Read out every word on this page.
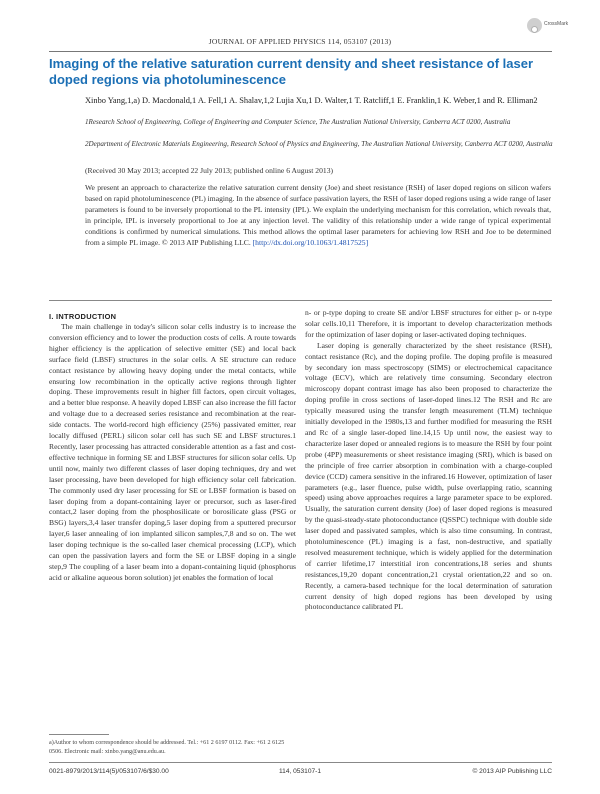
JOURNAL OF APPLIED PHYSICS 114, 053107 (2013)
CrossMark
Imaging of the relative saturation current density and sheet resistance of laser doped regions via photoluminescence
Xinbo Yang,1,a) D. Macdonald,1 A. Fell,1 A. Shalav,1,2 Lujia Xu,1 D. Walter,1 T. Ratcliff,1 E. Franklin,1 K. Weber,1 and R. Elliman2
1Research School of Engineering, College of Engineering and Computer Science, The Australian National University, Canberra ACT 0200, Australia
2Department of Electronic Materials Engineering, Research School of Physics and Engineering, The Australian National University, Canberra ACT 0200, Australia
(Received 30 May 2013; accepted 22 July 2013; published online 6 August 2013)
We present an approach to characterize the relative saturation current density (Joe) and sheet resistance (RSH) of laser doped regions on silicon wafers based on rapid photoluminescence (PL) imaging. In the absence of surface passivation layers, the RSH of laser doped regions using a wide range of laser parameters is found to be inversely proportional to the PL intensity (IPL). We explain the underlying mechanism for this correlation, which reveals that, in principle, IPL is inversely proportional to Joe at any injection level. The validity of this relationship under a wide range of typical experimental conditions is confirmed by numerical simulations. This method allows the optimal laser parameters for achieving low RSH and Joe to be determined from a simple PL image. © 2013 AIP Publishing LLC. [http://dx.doi.org/10.1063/1.4817525]
I. INTRODUCTION

The main challenge in today's silicon solar cells industry is to increase the conversion efficiency and to lower the production costs of cells. A route towards higher efficiency is the application of selective emitter (SE) and local back surface field (LBSF) structures in the solar cells. A SE structure can reduce contact resistance by allowing heavy doping under the metal contacts, while ensuring low recombination in the optically active regions through lighter doping. These improvements result in higher fill factors, open circuit voltages, and a better blue response. A heavily doped LBSF can also increase the fill factor and voltage due to a decreased series resistance and recombination at the rear-side contacts. The world-record high efficiency (25%) passivated emitter, rear locally diffused (PERL) silicon solar cell has such SE and LBSF structures.1 Recently, laser processing has attracted considerable attention as a fast and cost-effective technique in forming SE and LBSF structures for silicon solar cells. Up until now, mainly two different classes of laser doping techniques, dry and wet laser processing, have been developed for high efficiency solar cell fabrication. The commonly used dry laser processing for SE or LBSF formation is based on laser doping from a dopant-containing layer or precursor, such as laser-fired contact,2 laser doping from the phosphosilicate or borosilicate glass (PSG or BSG) layers,3,4 laser transfer doping,5 laser doping from a sputtered precursor layer,6 laser annealing of ion implanted silicon samples,7,8 and so on. The wet laser doping technique is the so-called laser chemical processing (LCP), which can open the passivation layers and form the SE or LBSF doping in a single step,9 The coupling of a laser beam into a dopant-containing liquid (phosphorus acid or alkaline aqueous boron solution) jet enables the formation of local

n- or p-type doping to create SE and/or LBSF structures for either p- or n-type solar cells.10,11 Therefore, it is important to develop characterization methods for the optimization of laser doping or laser-activated doping techniques.

Laser doping is generally characterized by the sheet resistance (RSH), contact resistance (Rc), and the doping profile. The doping profile is measured by secondary ion mass spectroscopy (SIMS) or electrochemical capacitance voltage (ECV), which are relatively time consuming. Secondary electron microscopy dopant contrast image has also been proposed to characterize the doping profile in cross sections of laser-doped lines.12 The RSH and Rc are typically measured using the transfer length measurement (TLM) technique initially developed in the 1980s,13 and further modified for measuring the RSH and Rc of a single laser-doped line.14,15 Up until now, the easiest way to characterize laser doped or annealed regions is to measure the RSH by four point probe (4PP) measurements or sheet resistance imaging (SRI), which is based on the principle of free carrier absorption in combination with a charge-coupled device (CCD) camera sensitive in the infrared.16 However, optimization of laser parameters (e.g., laser fluence, pulse width, pulse overlapping ratio, scanning speed) using above approaches requires a large parameter space to be explored. Usually, the saturation current density (Joe) of laser doped regions is measured by the quasi-steady-state photoconductance (QSSPC) technique with double side laser doped and passivated samples, which is also time consuming. In contrast, photoluminescence (PL) imaging is a fast, non-destructive, and spatially resolved measurement technique, which is widely applied for the determination of carrier lifetime,17 interstitial iron concentrations,18 series and shunts resistances,19,20 dopant concentration,21 crystal orientation,22 and so on. Recently, a camera-based technique for the local determination of saturation current density of high doped regions has been developed by using photoconductance calibrated PL

a)Author to whom correspondence should be addressed. Tel.: +61 2 6197 0112. Fax: +61 2 6125 0506. Electronic mail: xinbo.yang@anu.edu.au.
0021-8979/2013/114(5)/053107/6/$30.00	114, 053107-1	© 2013 AIP Publishing LLC
